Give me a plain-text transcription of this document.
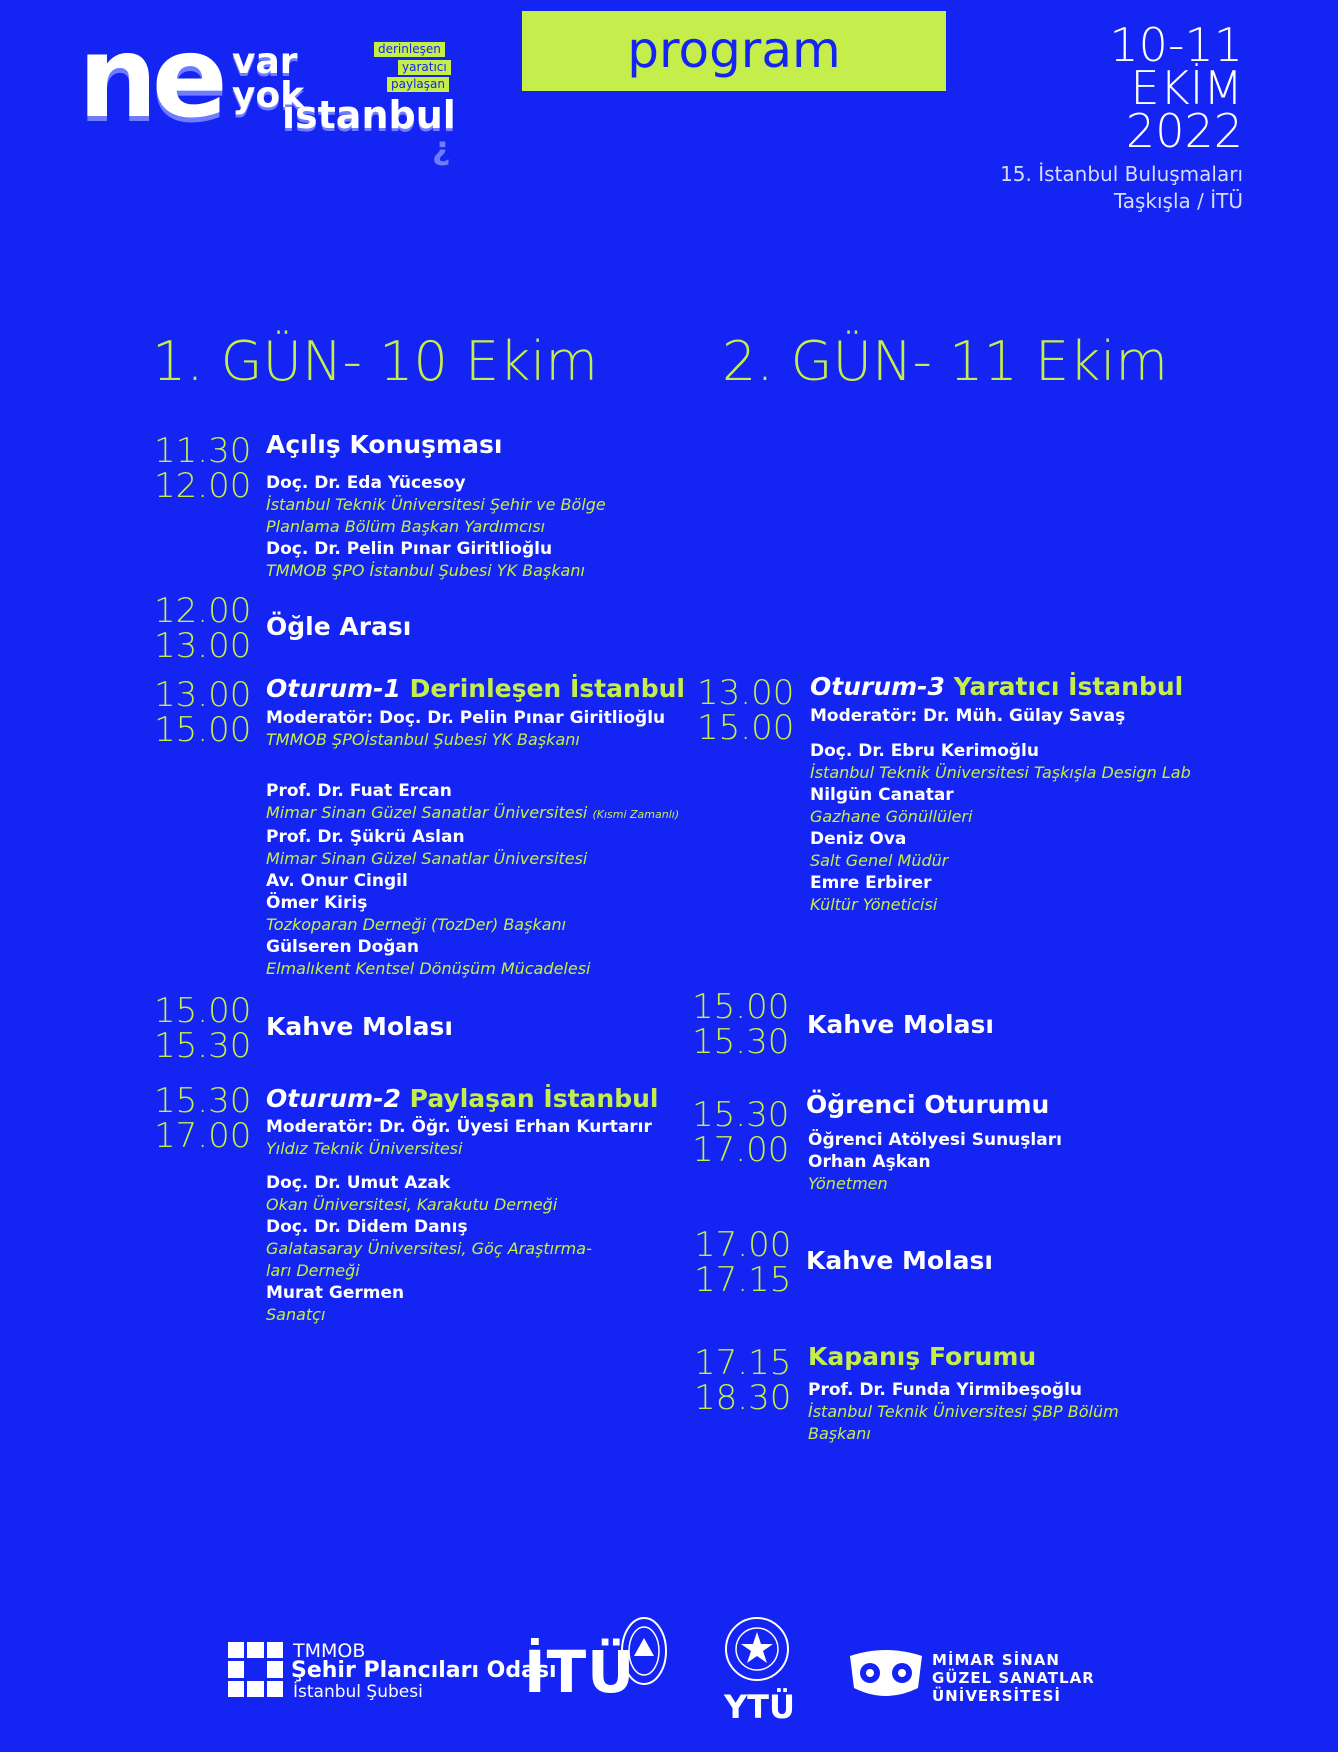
ne var
yok
istanbul
¿
derinleşen
yaratıcı
paylaşan
program	10-11
EKİM
2022
15. İstanbul Buluşmaları
Taşkışla / İTÜ
1. GÜN- 10 Ekim 2. GÜN- 11 Ekim
11.30
12.00
Açılış Konuşması
Doç. Dr. Eda Yücesoy
İstanbul Teknik Üniversitesi Şehir ve Bölge
Planlama Bölüm Başkan Yardımcısı
Doç. Dr. Pelin Pınar Giritlioğlu
TMMOB ŞPO İstanbul Şubesi YK Başkanı
12.00
13.00 Öğle Arası
13.00
15.00
Oturum-1 Derinleşen İstanbul
Moderatör: Doç. Dr. Pelin Pınar Giritlioğlu
TMMOB ŞPOİstanbul Şubesi YK Başkanı
Prof. Dr. Fuat Ercan
Mimar Sinan Güzel Sanatlar Üniversitesi (Kısmi Zamanlı)
Prof. Dr. Şükrü Aslan
Mimar Sinan Güzel Sanatlar Üniversitesi
Av. Onur Cingil
Ömer Kiriş
Tozkoparan Derneği (TozDer) Başkanı
Gülseren Doğan
Elmalıkent Kentsel Dönüşüm Mücadelesi
15.00
15.30 Kahve Molası
15.30
17.00
Oturum-2 Paylaşan İstanbul
Moderatör: Dr. Öğr. Üyesi Erhan Kurtarır
Yıldız Teknik Üniversitesi
Doç. Dr. Umut Azak
Okan Üniversitesi, Karakutu Derneği
Doç. Dr. Didem Danış
Galatasaray Üniversitesi, Göç Araştırma-
ları Derneği
Murat Germen
Sanatçı
13.00
15.00
Oturum-3 Yaratıcı İstanbul
Moderatör: Dr. Müh. Gülay Savaş
Doç. Dr. Ebru Kerimoğlu
İstanbul Teknik Üniversitesi Taşkışla Design Lab
Nilgün Canatar
Gazhane Gönüllüleri
Deniz Ova
Salt Genel Müdür
Emre Erbirer
Kültür Yöneticisi
15.00
15.30 Kahve Molası
15.30
17.00
Öğrenci Oturumu
Öğrenci Atölyesi Sunuşları
Orhan Aşkan
Yönetmen
17.00
17.15 Kahve Molası
17.15
18.30
Kapanış Forumu
Prof. Dr. Funda Yirmibeşoğlu
İstanbul Teknik Üniversitesi ŞBP Bölüm
Başkanı
TMMOB
Şehir Plancıları Odası
İstanbul Şubesi İTÜ
YTÜ
MİMAR SİNAN
GÜZEL SANATLAR
ÜNİVERSİTESİ
